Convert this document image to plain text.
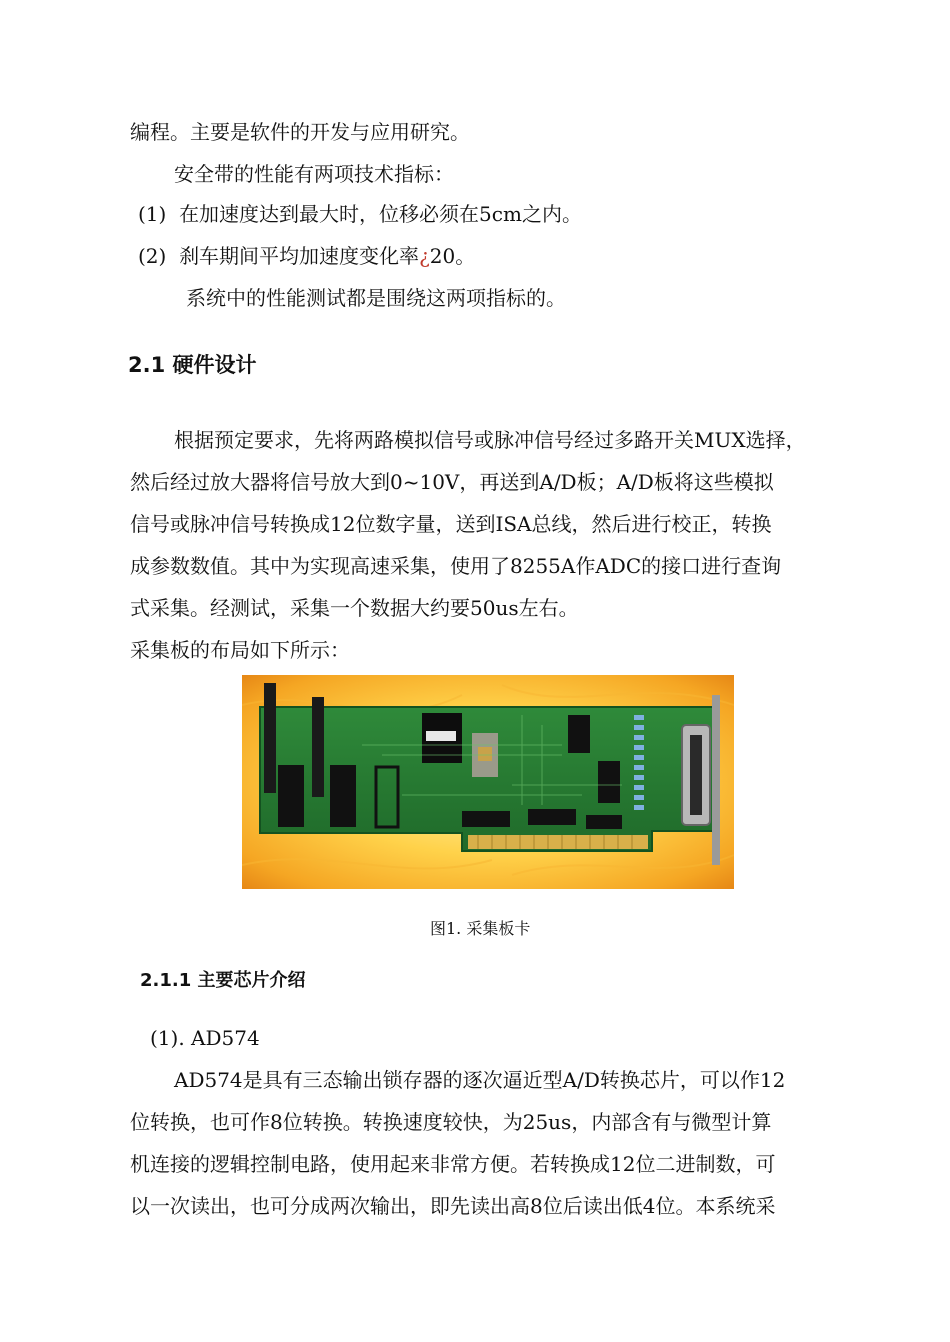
编程。主要是软件的开发与应用研究。
安全带的性能有两项技术指标：
(1) 在加速度达到最大时，位移必须在5cm之内。
(2) 刹车期间平均加速度变化率¿20。
系统中的性能测试都是围绕这两项指标的。
2.1 硬件设计
根据预定要求，先将两路模拟信号或脉冲信号经过多路开关MUX选择，
然后经过放大器将信号放大到0~10V，再送到A/D板；A/D板将这些模拟
信号或脉冲信号转换成12位数字量，送到ISA总线，然后进行校正，转换
成参数数值。其中为实现高速采集，使用了8255A作ADC的接口进行查询
式采集。经测试，采集一个数据大约要50us左右。
采集板的布局如下所示：
图1. 采集板卡
2.1.1 主要芯片介绍
(1). AD574
AD574是具有三态输出锁存器的逐次逼近型A/D转换芯片，可以作12
位转换，也可作8位转换。转换速度较快，为25us，内部含有与微型计算
机连接的逻辑控制电路，使用起来非常方便。若转换成12位二进制数，可
以一次读出，也可分成两次输出，即先读出高8位后读出低4位。本系统采
